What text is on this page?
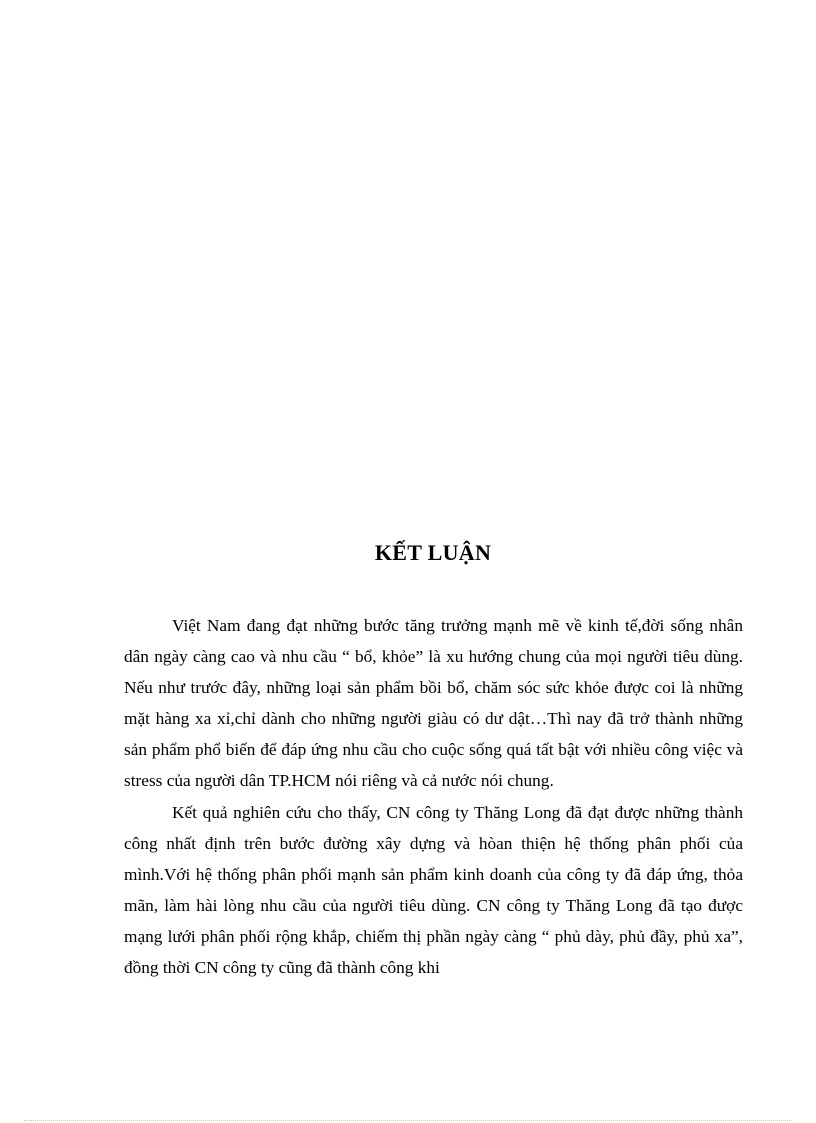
KẾT LUẬN

Việt Nam đang đạt những bước tăng trưởng mạnh mẽ về kinh tế,đời sống nhân dân ngày càng cao và nhu cầu “ bổ, khỏe” là xu hướng chung của mọi người tiêu dùng. Nếu như trước đây, những loại sản phẩm bồi bổ, chăm sóc sức khỏe được coi là những mặt hàng xa xỉ,chỉ dành cho những người giàu có dư dật…Thì nay đã trở thành những sản phẩm phổ biến để đáp ứng nhu cầu cho cuộc sống quá tất bật với nhiều công việc và stress của người dân TP.HCM nói riêng và cả nước nói chung.

Kết quả nghiên cứu cho thấy, CN công ty Thăng Long đã đạt được những thành công nhất định trên bước đường xây dựng và hòan thiện hệ thống phân phối của mình.Với hệ thống phân phối mạnh sản phẩm kinh doanh của công ty đã đáp ứng, thỏa mãn, làm hài lòng nhu cầu của người tiêu dùng. CN công ty Thăng Long đã tạo được mạng lưới phân phối rộng khắp, chiếm thị phần ngày càng “ phủ dày, phủ đầy, phủ xa”, đồng thời CN công ty cũng đã thành công khi
